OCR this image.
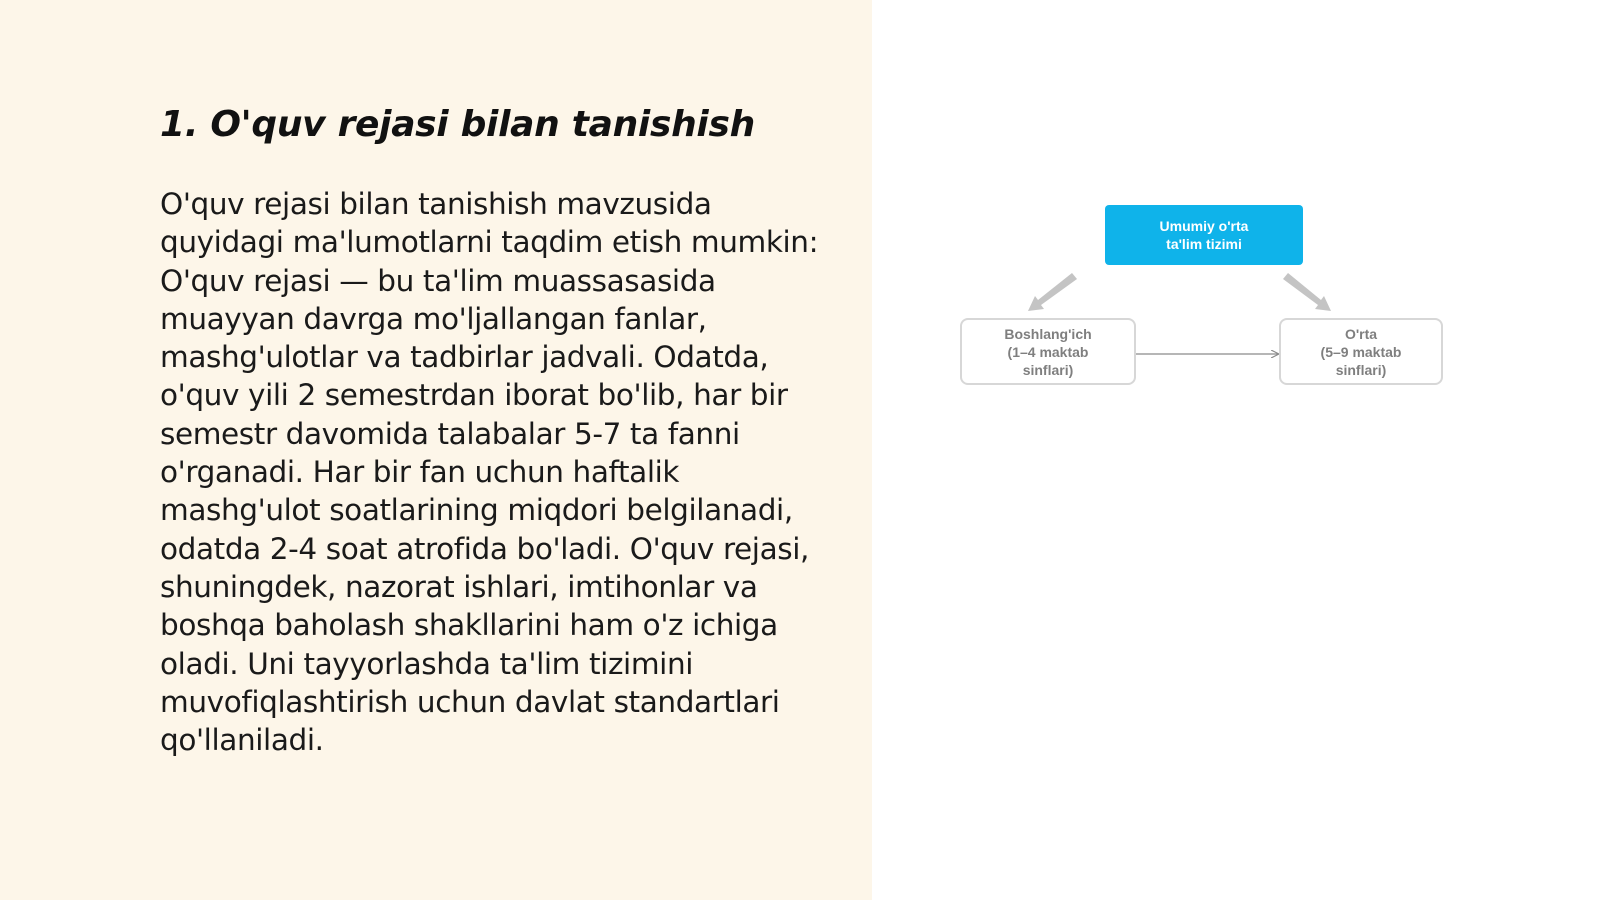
1. O'quv rejasi bilan tanishish

O'quv rejasi bilan tanishish mavzusida quyidagi ma'lumotlarni taqdim etish mumkin: O'quv rejasi — bu ta'lim muassasasida muayyan davrga mo'ljallangan fanlar, mashg'ulotlar va tadbirlar jadvali. Odatda, o'quv yili 2 semestrdan iborat bo'lib, har bir semestr davomida talabalar 5-7 ta fanni o'rganadi. Har bir fan uchun haftalik mashg'ulot soatlarining miqdori belgilanadi, odatda 2-4 soat atrofida bo'ladi. O'quv rejasi, shuningdek, nazorat ishlari, imtihonlar va boshqa baholash shakllarini ham o'z ichiga oladi. Uni tayyorlashda ta'lim tizimini muvofiqlashtirish uchun davlat standartlari qo'llaniladi.

Umumiy o'rta
ta'lim tizimi
Boshlang'ich
(1–4 maktab
sinflari)
O'rta
(5–9 maktab
sinflari)
